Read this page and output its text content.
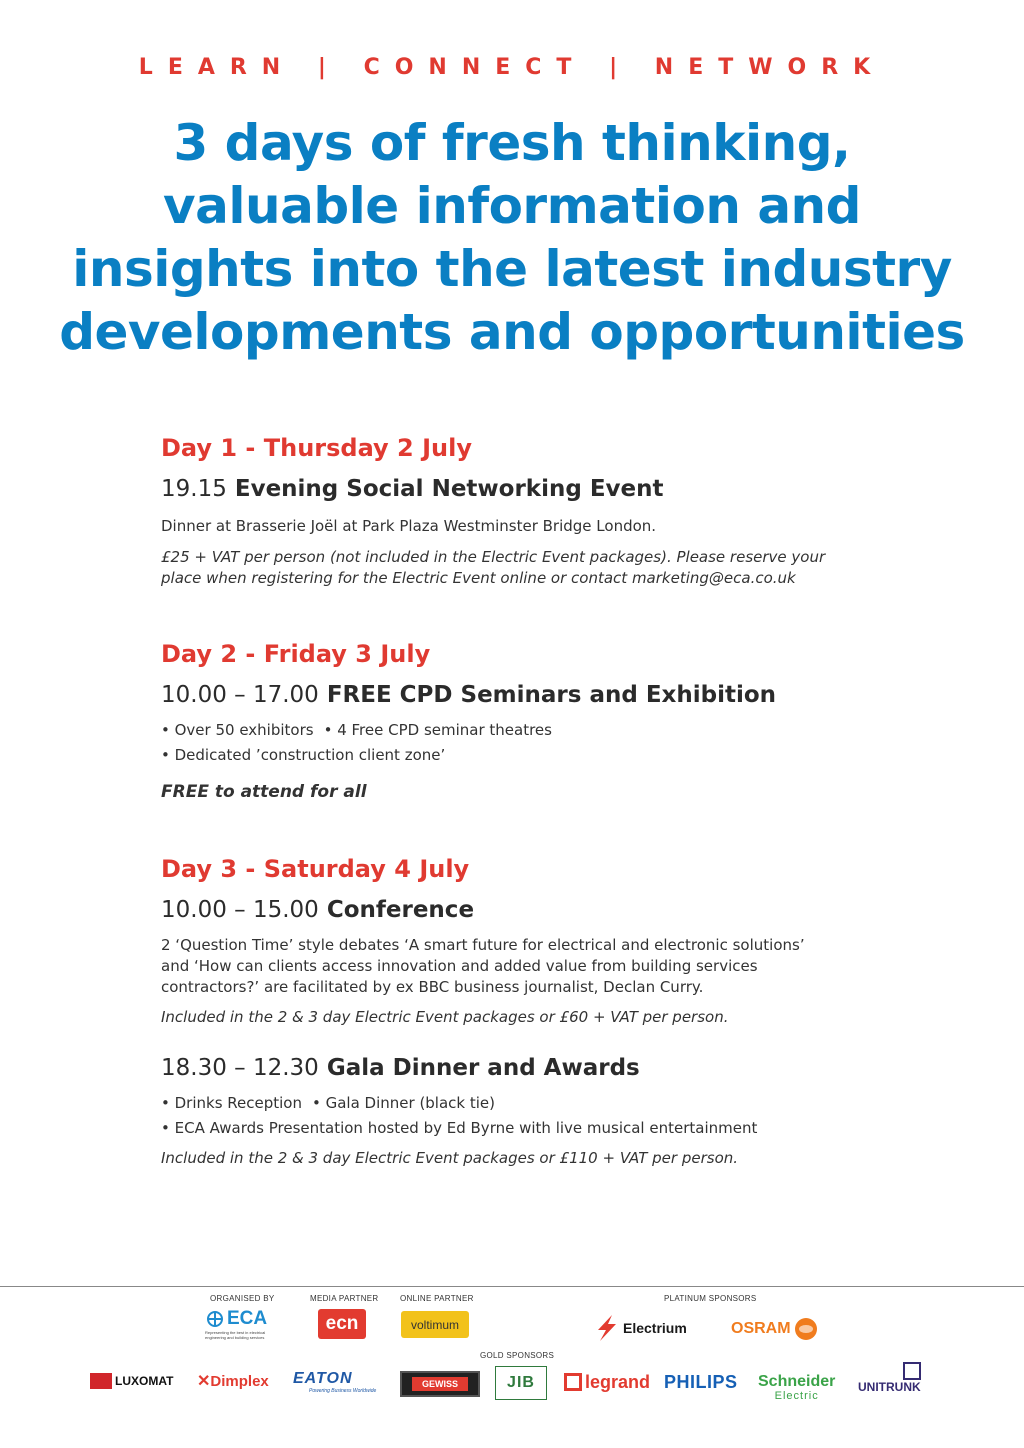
LEARN | CONNECT | NETWORK
3 days of fresh thinking,
valuable information and
insights into the latest industry
developments and opportunities
Day 1 - Thursday 2 July
19.15 Evening Social Networking Event

Dinner at Brasserie Joël at Park Plaza Westminster Bridge London.

£25 + VAT per person (not included in the Electric Event packages). Please reserve your
place when registering for the Electric Event online or contact marketing@eca.co.uk

Day 2 - Friday 3 July
10.00 – 17.00 FREE CPD Seminars and Exhibition

• Over 50 exhibitors • 4 Free CPD seminar theatres

• Dedicated ’construction client zone’

FREE to attend for all

Day 3 - Saturday 4 July
10.00 – 15.00 Conference

2 ‘Question Time’ style debates ‘A smart future for electrical and electronic solutions’
and ‘How can clients access innovation and added value from building services
contractors?’ are facilitated by ex BBC business journalist, Declan Curry.

Included in the 2 & 3 day Electric Event packages or £60 + VAT per person.

18.30 – 12.30 Gala Dinner and Awards

• Drinks Reception • Gala Dinner (black tie)

• ECA Awards Presentation hosted by Ed Byrne with live musical entertainment

Included in the 2 & 3 day Electric Event packages or £110 + VAT per person.

ORGANISED BY	MEDIA PARTNER	ONLINE PARTNER	PLATINUM SPONSORS
GOLD SPONSORS
ECA
Representing the best in electrical engineering and building services
ecn	voltimum	Electrium	OSRAM
LUXOMAT ✕ Dimplex EATON
Powering Business Worldwide
GEWISS	JIB	legrand PHILIPS Schneider
Electric
UNITRUNK
